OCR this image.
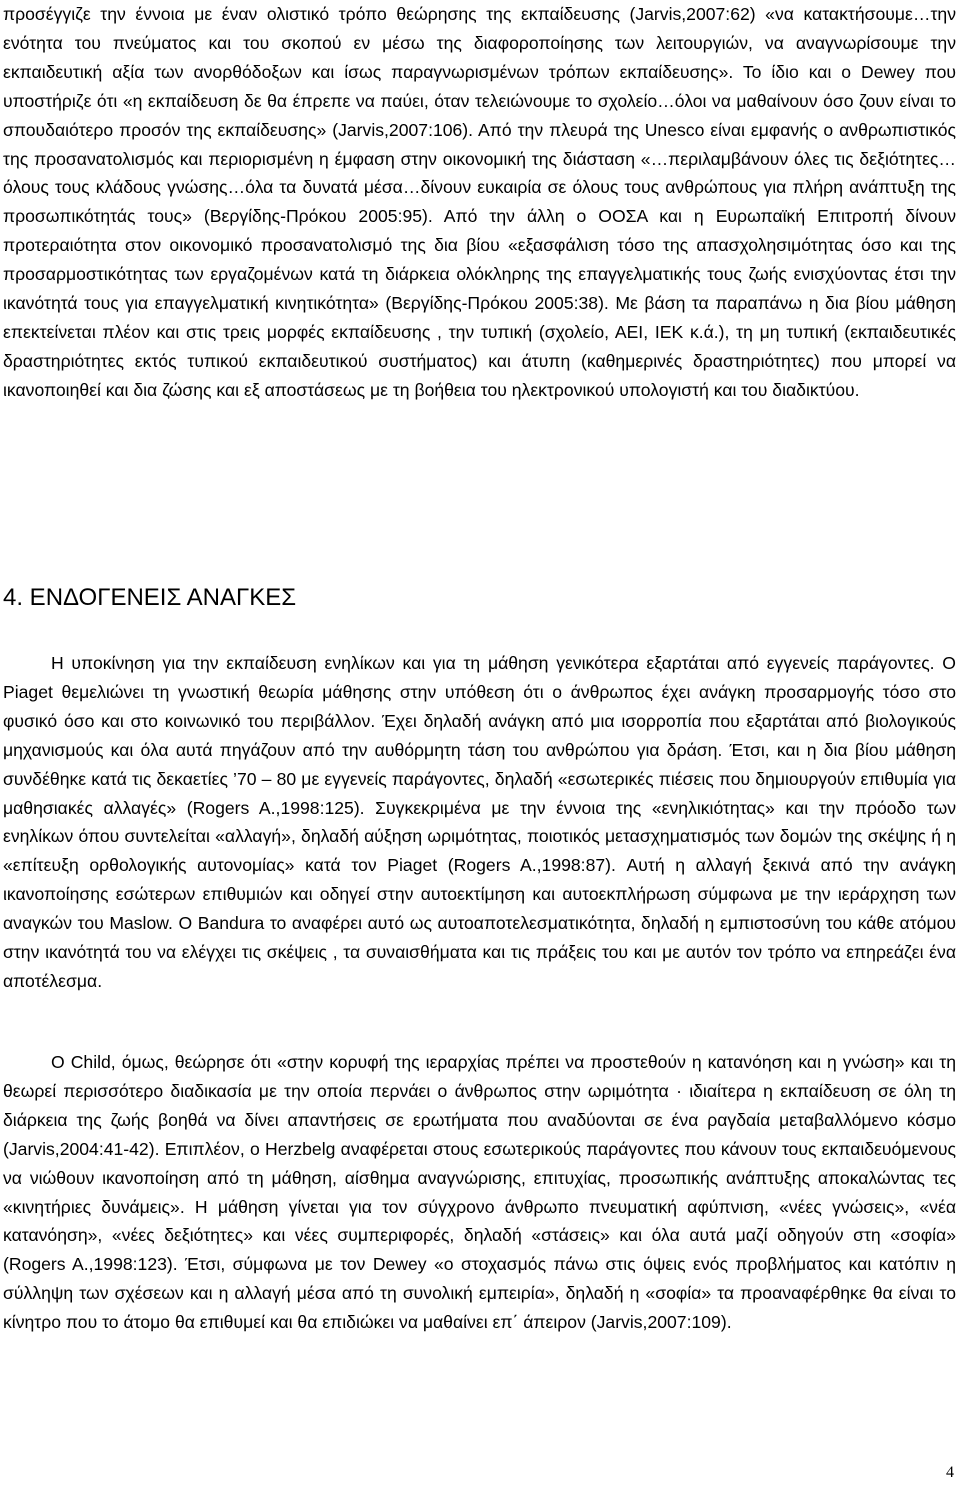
προσέγγιζε την έννοια με έναν ολιστικό τρόπο θεώρησης της εκπαίδευσης (Jarvis,2007:62) «να κατακτήσουμε…την ενότητα του πνεύματος και του σκοπού εν μέσω της διαφοροποίησης των λειτουργιών, να αναγνωρίσουμε την εκπαιδευτική αξία των ανορθόδοξων και ίσως παραγνωρισμένων τρόπων εκπαίδευσης». Το ίδιο και ο Dewey που υποστήριζε ότι «η εκπαίδευση δε θα έπρεπε να παύει, όταν τελειώνουμε το σχολείο…όλοι να μαθαίνουν όσο ζουν είναι το σπουδαιότερο προσόν της εκπαίδευσης» (Jarvis,2007:106). Από την πλευρά της Unesco είναι εμφανής ο ανθρωπιστικός της προσανατολισμός και περιορισμένη η έμφαση στην οικονομική της διάσταση «…περιλαμβάνουν όλες τις δεξιότητες…όλους τους κλάδους γνώσης…όλα τα δυνατά μέσα…δίνουν ευκαιρία σε όλους τους ανθρώπους για πλήρη ανάπτυξη της προσωπικότητάς τους» (Βεργίδης-Πρόκου 2005:95). Από την άλλη ο ΟΟΣΑ και η Ευρωπαϊκή Επιτροπή δίνουν προτεραιότητα στον οικονομικό προσανατολισμό της δια βίου «εξασφάλιση τόσο της απασχολησιμότητας όσο και της προσαρμοστικότητας των εργαζομένων κατά τη διάρκεια ολόκληρης της επαγγελματικής τους ζωής ενισχύοντας έτσι την ικανότητά τους για επαγγελματική κινητικότητα» (Βεργίδης-Πρόκου 2005:38). Με βάση τα παραπάνω η δια βίου μάθηση επεκτείνεται πλέον και στις τρεις μορφές εκπαίδευσης , την τυπική (σχολείο, ΑΕΙ, ΙΕΚ κ.ά.), τη μη τυπική (εκπαιδευτικές δραστηριότητες εκτός τυπικού εκπαιδευτικού συστήματος) και άτυπη (καθημερινές δραστηριότητες) που μπορεί να ικανοποιηθεί και δια ζώσης και εξ αποστάσεως με τη βοήθεια του ηλεκτρονικού υπολογιστή και του διαδικτύου.

4. ΕΝΔΟΓΕΝΕΙΣ ΑΝΑΓΚΕΣ

Η υποκίνηση για την εκπαίδευση ενηλίκων και για τη μάθηση γενικότερα εξαρτάται από εγγενείς παράγοντες. Ο Piaget θεμελιώνει τη γνωστική θεωρία μάθησης στην υπόθεση ότι ο άνθρωπος έχει ανάγκη προσαρμογής τόσο στο φυσικό όσο και στο κοινωνικό του περιβάλλον. Έχει δηλαδή ανάγκη από μια ισορροπία που εξαρτάται από βιολογικούς μηχανισμούς και όλα αυτά πηγάζουν από την αυθόρμητη τάση του ανθρώπου για δράση. Έτσι, και η δια βίου μάθηση συνδέθηκε κατά τις δεκαετίες ’70 – 80 με εγγενείς παράγοντες, δηλαδή «εσωτερικές πιέσεις που δημιουργούν επιθυμία για μαθησιακές αλλαγές» (Rogers A.,1998:125). Συγκεκριμένα με την έννοια της «ενηλικιότητας» και την πρόοδο των ενηλίκων όπου συντελείται «αλλαγή», δηλαδή αύξηση ωριμότητας, ποιοτικός μετασχηματισμός των δομών της σκέψης ή η «επίτευξη ορθολογικής αυτονομίας» κατά τον Piaget (Rogers A.,1998:87). Αυτή η αλλαγή ξεκινά από την ανάγκη ικανοποίησης εσώτερων επιθυμιών και οδηγεί στην αυτοεκτίμηση και αυτοεκπλήρωση σύμφωνα με την ιεράρχηση των αναγκών του Maslow. Ο Bandura το αναφέρει αυτό ως αυτοαποτελεσματικότητα, δηλαδή η εμπιστοσύνη του κάθε ατόμου στην ικανότητά του να ελέγχει τις σκέψεις , τα συναισθήματα και τις πράξεις του και με αυτόν τον τρόπο να επηρεάζει ένα αποτέλεσμα.

Ο Child, όμως, θεώρησε ότι «στην κορυφή της ιεραρχίας πρέπει να προστεθούν η κατανόηση και η γνώση» και τη θεωρεί περισσότερο διαδικασία με την οποία περνάει ο άνθρωπος στην ωριμότητα · ιδιαίτερα η εκπαίδευση σε όλη τη διάρκεια της ζωής βοηθά να δίνει απαντήσεις σε ερωτήματα που αναδύονται σε ένα ραγδαία μεταβαλλόμενο κόσμο (Jarvis,2004:41-42). Επιπλέον, ο Herzbelg αναφέρεται στους εσωτερικούς παράγοντες που κάνουν τους εκπαιδευόμενους να νιώθουν ικανοποίηση από τη μάθηση, αίσθημα αναγνώρισης, επιτυχίας, προσωπικής ανάπτυξης αποκαλώντας τες «κινητήριες δυνάμεις». Η μάθηση γίνεται για τον σύγχρονο άνθρωπο πνευματική αφύπνιση, «νέες γνώσεις», «νέα κατανόηση», «νέες δεξιότητες» και νέες συμπεριφορές, δηλαδή «στάσεις» και όλα αυτά μαζί οδηγούν στη «σοφία» (Rogers A.,1998:123). Έτσι, σύμφωνα με τον Dewey «ο στοχασμός πάνω στις όψεις ενός προβλήματος και κατόπιν η σύλληψη των σχέσεων και η αλλαγή μέσα από τη συνολική εμπειρία», δηλαδή η «σοφία» τα προαναφέρθηκε θα είναι το κίνητρο που το άτομο θα επιθυμεί και θα επιδιώκει να μαθαίνει επ΄ άπειρον (Jarvis,2007:109).

4
